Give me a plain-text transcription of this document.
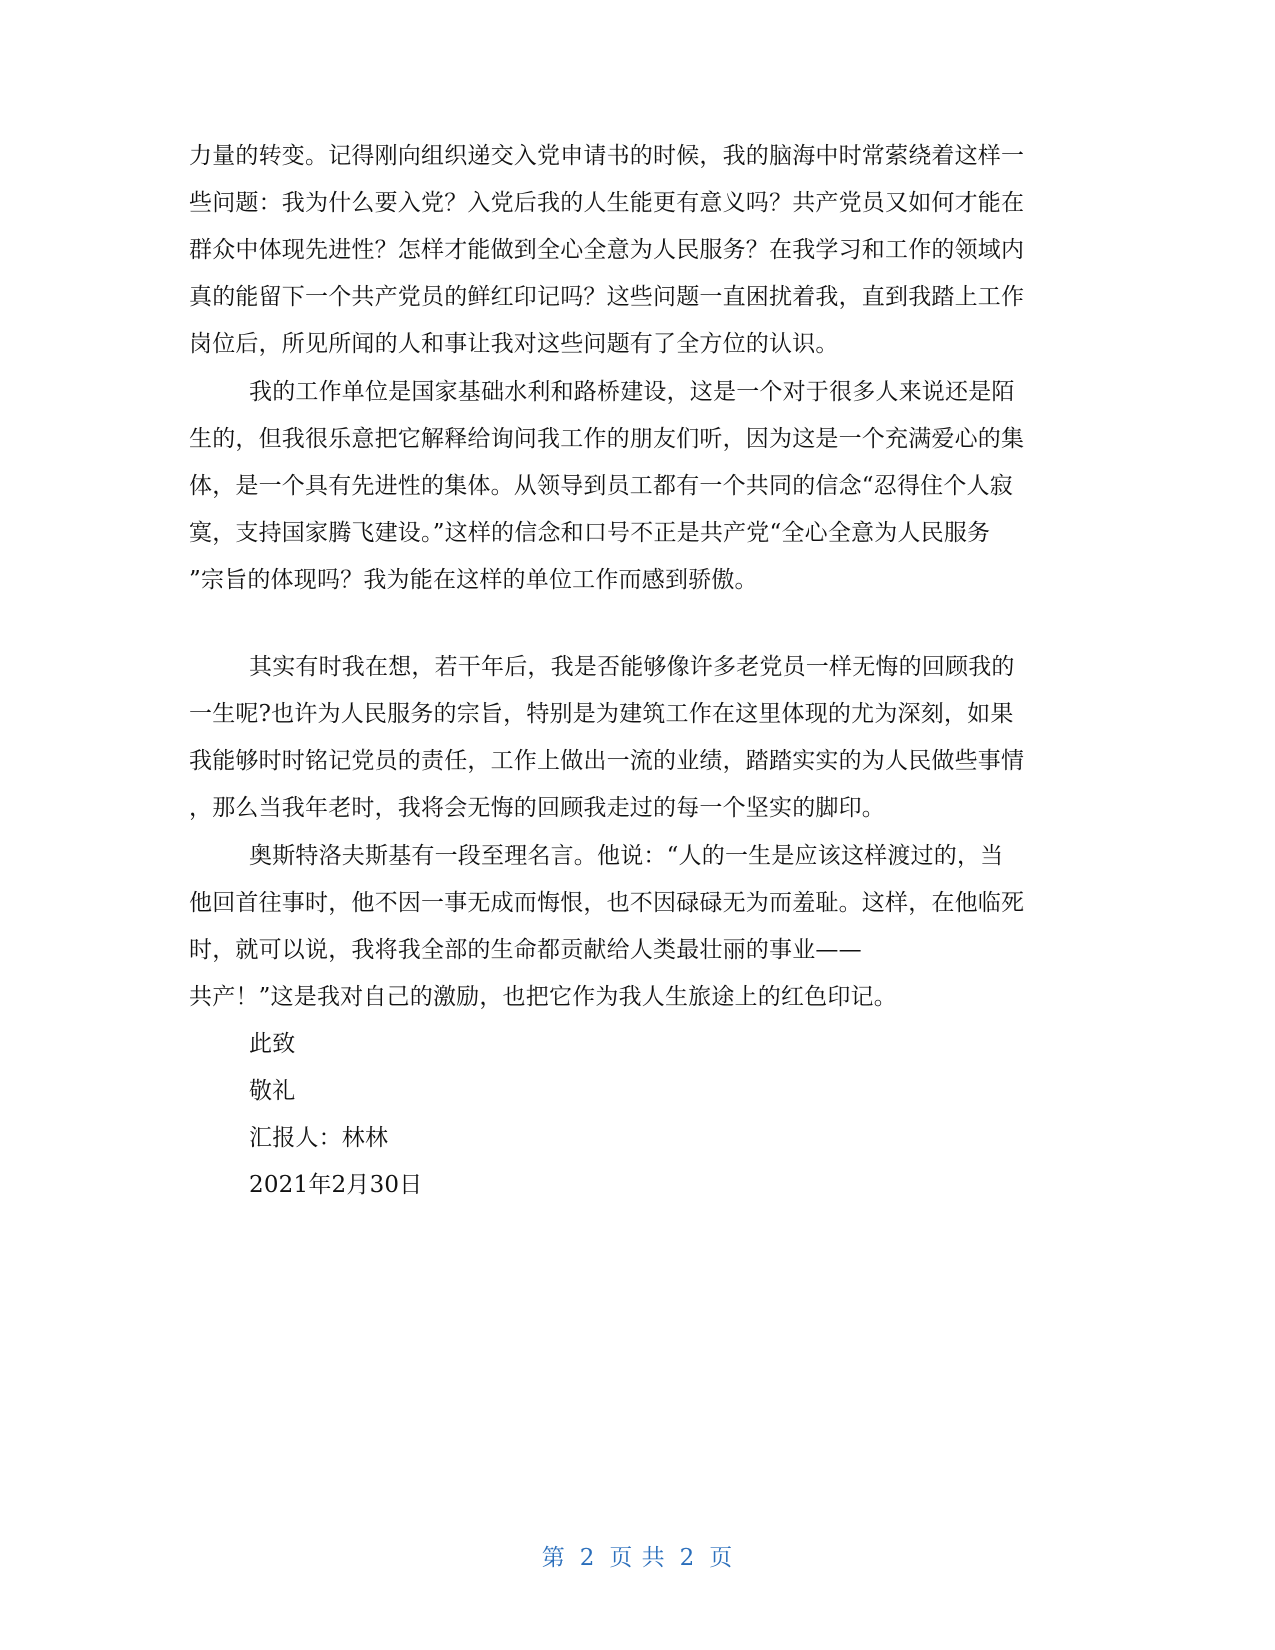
力量的转变。记得刚向组织递交入党申请书的时候，我的脑海中时常萦绕着这样一
些问题：我为什么要入党？入党后我的人生能更有意义吗？共产党员又如何才能在
群众中体现先进性？怎样才能做到全心全意为人民服务？在我学习和工作的领域内
真的能留下一个共产党员的鲜红印记吗？这些问题一直困扰着我，直到我踏上工作
岗位后，所见所闻的人和事让我对这些问题有了全方位的认识。
我的工作单位是国家基础水利和路桥建设，这是一个对于很多人来说还是陌
生的，但我很乐意把它解释给询问我工作的朋友们听，因为这是一个充满爱心的集
体，是一个具有先进性的集体。从领导到员工都有一个共同的信念“忍得住个人寂
寞，支持国家腾飞建设。”这样的信念和口号不正是共产党“全心全意为人民服务
”宗旨的体现吗？我为能在这样的单位工作而感到骄傲。
其实有时我在想，若干年后，我是否能够像许多老党员一样无悔的回顾我的
一生呢?也许为人民服务的宗旨，特别是为建筑工作在这里体现的尤为深刻，如果
我能够时时铭记党员的责任，工作上做出一流的业绩，踏踏实实的为人民做些事情
，那么当我年老时，我将会无悔的回顾我走过的每一个坚实的脚印。
奥斯特洛夫斯基有一段至理名言。他说：“人的一生是应该这样渡过的，当
他回首往事时，他不因一事无成而悔恨，也不因碌碌无为而羞耻。这样，在他临死
时，就可以说，我将我全部的生命都贡献给人类最壮丽的事业——
共产！”这是我对自己的激励，也把它作为我人生旅途上的红色印记。
此致
敬礼
汇报人：林林
2021年2月30日
第 2 页 共 2 页
